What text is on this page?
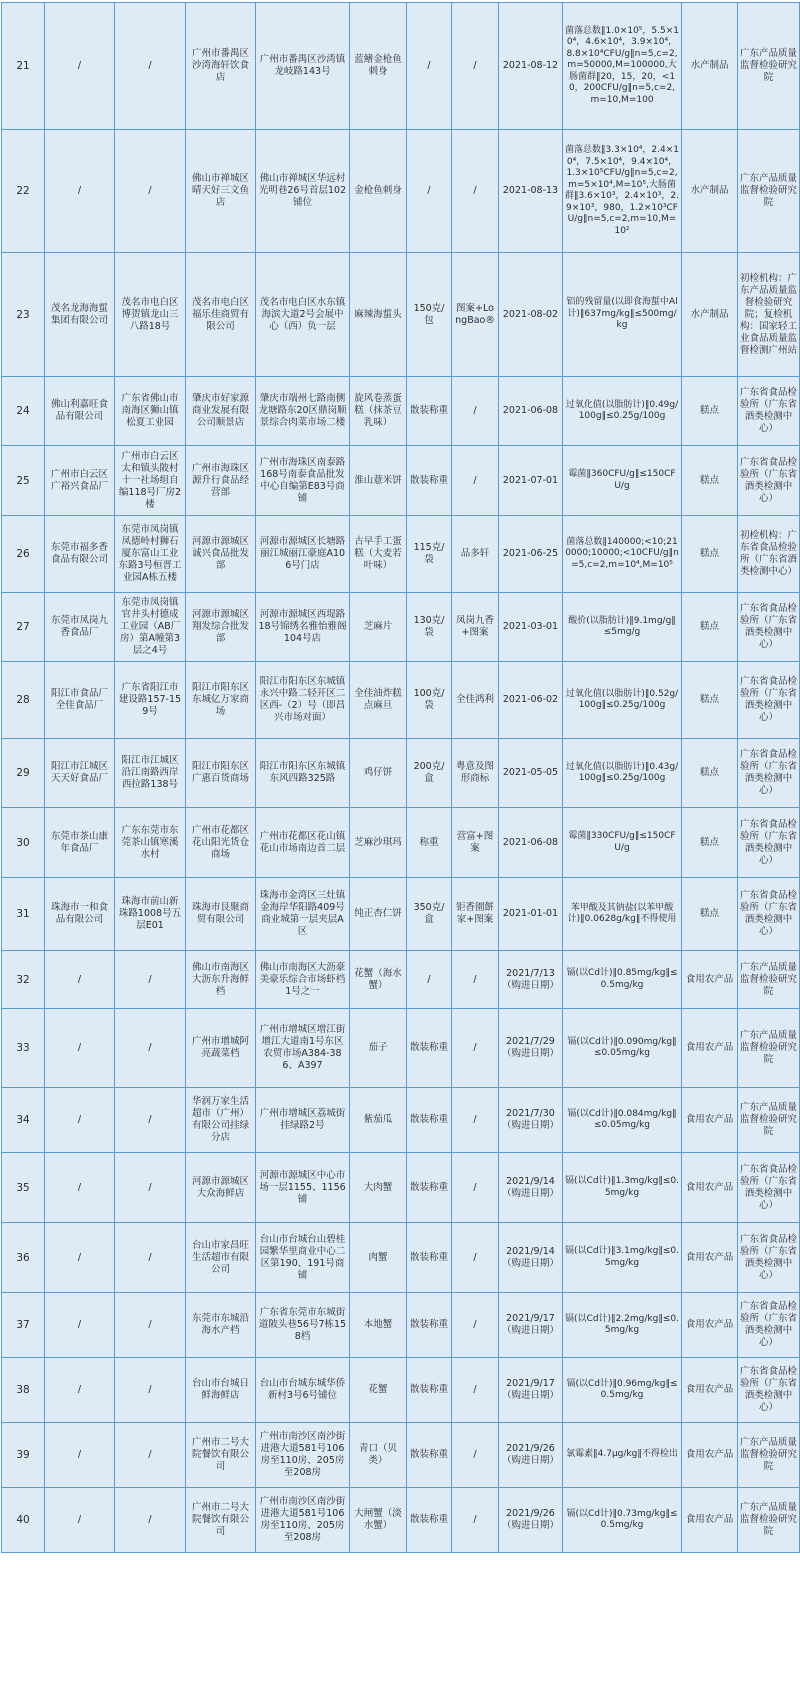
21	/	/	广州市番禺区沙湾海轩饮食店	广州市番禺区沙湾镇龙岐路143号	蓝鳍金枪鱼刺身	/	/	2021-08-12	菌落总数‖1.0×10⁵，5.5×10⁴，4.6×10⁴，3.9×10⁴，8.8×10⁴CFU/g‖n=5,c=2,m=50000,M=100000,大肠菌群‖20，15，20，<10，200CFU/g‖n=5,c=2,m=10,M=100	水产制品	广东产品质量监督检验研究院
22	/	/	佛山市禅城区晴天好三文鱼店	佛山市禅城区华远村光明巷26号首层102铺位	金枪鱼刺身	/	/	2021-08-13	菌落总数‖3.3×10⁴，2.4×10⁴，7.5×10⁴，9.4×10⁴，1.3×10⁵CFU/g‖n=5,c=2,m=5×10⁴,M=10⁵,大肠菌群‖3.6×10³，2.4×10³，2.9×10³，980，1.2×10³CFU/g‖n=5,c=2,m=10,M=10²	水产制品	广东产品质量监督检验研究院
23	茂名龙海海蜇集团有限公司	茂名市电白区博贺镇龙山三八路18号	茂名市电白区福乐佳商贸有限公司	茂名市电白区水东镇海滨大道2号会展中心（西）负一层	麻辣海蜇头	150克/包	图案+LongBao®	2021-08-02	铝的残留量(以即食海蜇中Al计)‖637mg/kg‖≤500mg/kg	水产制品	初检机构：广东产品质量监督检验研究院；复检机构：国家轻工业食品质量监督检测广州站
24	佛山利嘉旺食品有限公司	广东省佛山市南海区狮山镇松夏工业园	肇庆市好家源商业发展有限公司顺景店	肇庆市端州七路南侧龙塘路东20区鼎岗顺景综合肉菜市场二楼	旋风卷蒸蛋糕（抹茶豆乳味）	散装称重	/	2021-06-08	过氧化值(以脂肪计)‖0.49g/100g‖≤0.25g/100g	糕点	广东省食品检验所（广东省酒类检测中心）
25	广州市白云区广裕兴食品厂	广州市白云区太和镇头陂村十一社场组自编118号厂房2楼	广州市海珠区源升行食品经营部	广州市海珠区南泰路168号南泰食品批发中心自编第E83号商铺	淮山薏米饼	散装称重	/	2021-07-01	霉菌‖360CFU/g‖≤150CFU/g	糕点	广东省食品检验所（广东省酒类检测中心）
26	东莞市福多香食品有限公司	东莞市凤岗镇凤德岭村狮石厦东富山工业东路3号桓晋工业园A栋五楼	河源市源城区诚兴食品批发部	河源市源城区长塘路丽江城丽江豪庭A106号门店	古早手工蛋糕（大麦若叶味）	115克/袋	品多轩	2021-06-25	菌落总数‖140000;<10;210000;10000;<10CFU/g‖n=5,c=2,m=10⁴,M=10⁵	糕点	初检机构：广东省食品检验所（广东省酒类检测中心）
27	东莞市凤岗九香食品厂	东莞市凤岗镇官井头村德成工业园（AB厂房）第A幢第3层之4号	河源市源城区翔发综合批发部	河源市源城区西堤路18号锦绣名雅怡雅阁104号店	芝麻片	130克/袋	凤岗九香+图案	2021-03-01	酸价(以脂肪计)‖9.1mg/g‖≤5mg/g	糕点	广东省食品检验所（广东省酒类检测中心）
28	阳江市食品厂全佳食品厂	广东省阳江市建设路157-159号	阳江市阳东区东城亿万家商场	阳江市阳东区东城镇永兴中路二轻开区二区西-（2）号（即昌兴市场对面）	全佳油炸糕点麻旦	100克/袋	全佳鸿利	2021-06-02	过氧化值(以脂肪计)‖0.52g/100g‖≤0.25g/100g	糕点	广东省食品检验所（广东省酒类检测中心）
29	阳江市江城区天天好食品厂	阳江市江城区沿江南路西岸西拉路138号	阳江市阳东区广惠百货商场	阳江市阳东区东城镇东风四路325路	鸡仔饼	200克/盒	粤意及图形商标	2021-05-05	过氧化值(以脂肪计)‖0.43g/100g‖≤0.25g/100g	糕点	广东省食品检验所（广东省酒类检测中心）
30	东莞市茶山康年食品厂	广东东莞市东莞茶山镇寒溪水村	广州市花都区花山阳光货仓商场	广州市花都区花山镇花山市场南边首二层	芝麻沙琪玛	称重	营富+图案	2021-06-08	霉菌‖330CFU/g‖≤150CFU/g	糕点	广东省食品检验所（广东省酒类检测中心）
31	珠海市一和食品有限公司	珠海市前山新珠路1008号五层E01	珠海市艮聚商贸有限公司	珠海市金湾区三灶镇金海岸华阳路409号商业城第一层夹层A区	纯正杏仁饼	350克/盒	钜香園餅家+图案	2021-01-01	苯甲酸及其钠盐(以苯甲酸计)‖0.0628g/kg‖不得使用	糕点	广东省食品检验所（广东省酒类检测中心）
32	/	/	佛山市南海区大沥东升海鲜档	佛山市南海区大沥豪美豪乐综合市场虾档1号之一	花蟹（海水蟹）	/	/	2021/7/13（购进日期）	镉(以Cd计)‖0.85mg/kg‖≤0.5mg/kg	食用农产品	广东产品质量监督检验研究院
33	/	/	广州市增城阿亮蔬菜档	广州市增城区增江街增江大道南1号东区农贸市场A384-386、A397	茄子	散装称重	/	2021/7/29（购进日期）	镉(以Cd计)‖0.090mg/kg‖≤0.05mg/kg	食用农产品	广东产品质量监督检验研究院
34	/	/	华润万家生活超市（广州）有限公司挂绿分店	广州市增城区荔城街挂绿路2号	紫茄瓜	散装称重	/	2021/7/30（购进日期）	镉(以Cd计)‖0.084mg/kg‖≤0.05mg/kg	食用农产品	广东产品质量监督检验研究院
35	/	/	河源市源城区大众海鲜店	河源市源城区中心市场一层1155、1156铺	大肉蟹	散装称重	/	2021/9/14（购进日期）	镉(以Cd计)‖1.3mg/kg‖≤0.5mg/kg	食用农产品	广东省食品检验所（广东省酒类检测中心）
36	/	/	台山市家昌旺生活超市有限公司	台山市台城台山碧桂园繁华里商业中心二区第190、191号商铺	肉蟹	散装称重	/	2021/9/14（购进日期）	镉(以Cd计)‖3.1mg/kg‖≤0.5mg/kg	食用农产品	广东省食品检验所（广东省酒类检测中心）
37	/	/	东莞市东城沿海水产档	广东省东莞市东城街道陂头巷56号7栋158档	本地蟹	散装称重	/	2021/9/17（购进日期）	镉(以Cd计)‖2.2mg/kg‖≤0.5mg/kg	食用农产品	广东省食品检验所（广东省酒类检测中心）
38	/	/	台山市台城日鲜海鲜店	台山市台城东城华侨新村3号6号铺位	花蟹	散装称重	/	2021/9/17（购进日期）	镉(以Cd计)‖0.96mg/kg‖≤0.5mg/kg	食用农产品	广东省食品检验所（广东省酒类检测中心）
39	/	/	广州市二号大院餐饮有限公司	广州市南沙区南沙街进港大道581号106房至110房、205房至208房	青口（贝类）	散装称重	/	2021/9/26（购进日期）	氯霉素‖4.7μg/kg‖不得检出	食用农产品	广东产品质量监督检验研究院
40	/	/	广州市二号大院餐饮有限公司	广州市南沙区南沙街进港大道581号106房至110房、205房至208房	大闸蟹（淡水蟹）	散装称重	/	2021/9/26（购进日期）	镉(以Cd计)‖0.73mg/kg‖≤0.5mg/kg	食用农产品	广东产品质量监督检验研究院
